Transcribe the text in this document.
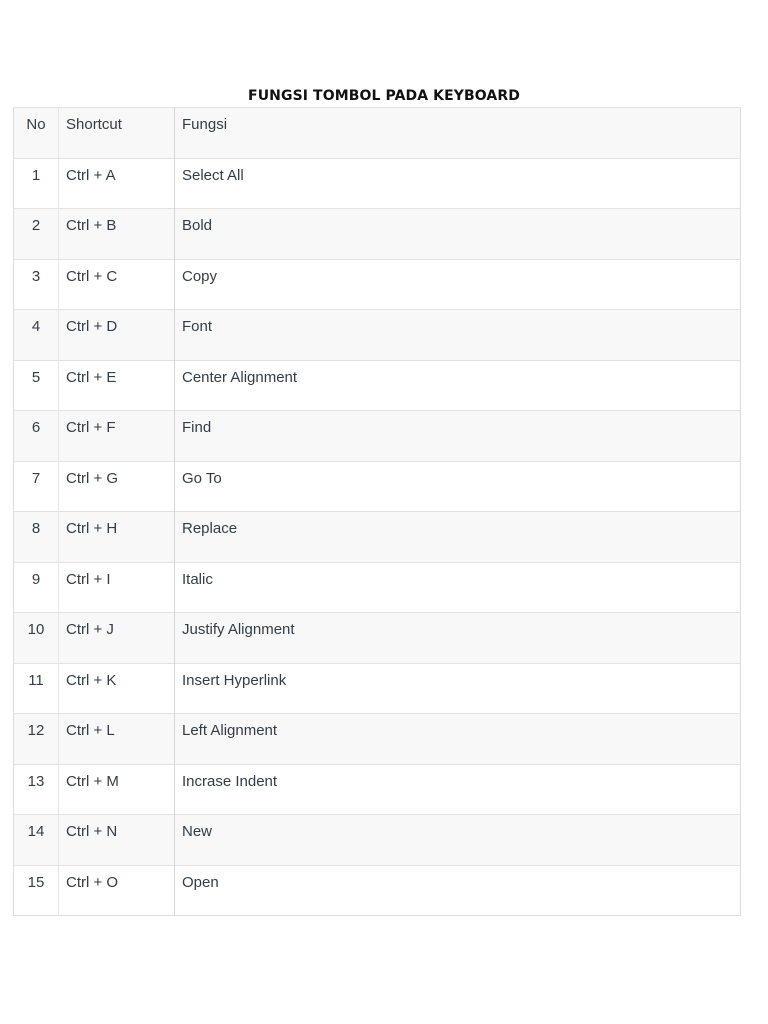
FUNGSI TOMBOL PADA KEYBOARD
No	Shortcut	Fungsi
1	Ctrl + A	Select All
2	Ctrl + B	Bold
3	Ctrl + C	Copy
4	Ctrl + D	Font
5	Ctrl + E	Center Alignment
6	Ctrl + F	Find
7	Ctrl + G	Go To
8	Ctrl + H	Replace
9	Ctrl + I	Italic
10	Ctrl + J	Justify Alignment
11	Ctrl + K	Insert Hyperlink
12	Ctrl + L	Left Alignment
13	Ctrl + M	Incrase Indent
14	Ctrl + N	New
15	Ctrl + O	Open
